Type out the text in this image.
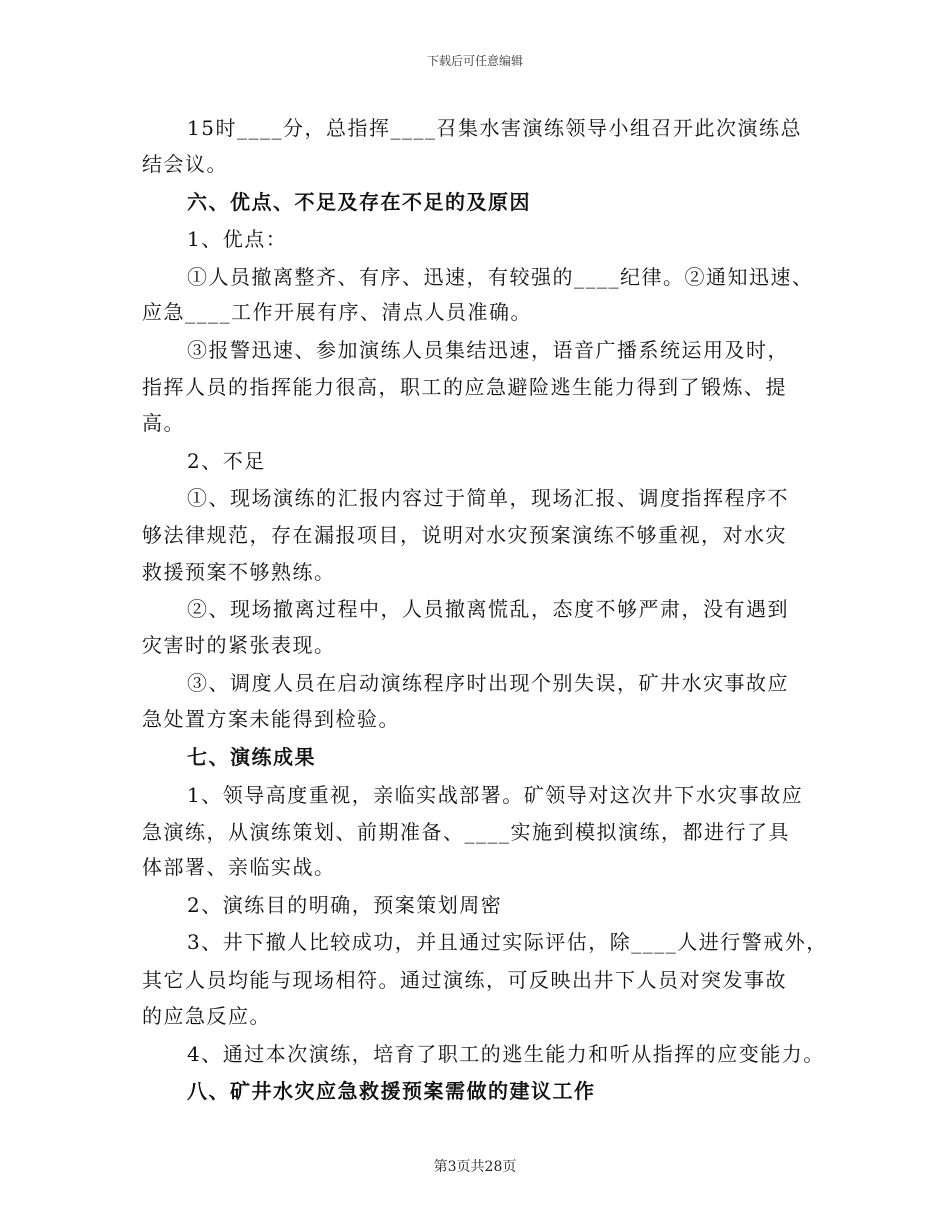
下载后可任意编辑
15时____分，总指挥____召集水害演练领导小组召开此次演练总
结会议。
六、优点、不足及存在不足的及原因
1、优点：
①人员撤离整齐、有序、迅速，有较强的____纪律。②通知迅速、
应急____工作开展有序、清点人员准确。
③报警迅速、参加演练人员集结迅速，语音广播系统运用及时，
指挥人员的指挥能力很高，职工的应急避险逃生能力得到了锻炼、提
高。
2、不足
①、现场演练的汇报内容过于简单，现场汇报、调度指挥程序不
够法律规范，存在漏报项目，说明对水灾预案演练不够重视，对水灾
救援预案不够熟练。
②、现场撤离过程中，人员撤离慌乱，态度不够严肃，没有遇到
灾害时的紧张表现。
③、调度人员在启动演练程序时出现个别失误，矿井水灾事故应
急处置方案未能得到检验。
七、演练成果
1、领导高度重视，亲临实战部署。矿领导对这次井下水灾事故应
急演练，从演练策划、前期准备、____实施到模拟演练，都进行了具
体部署、亲临实战。
2、演练目的明确，预案策划周密
3、井下撤人比较成功，并且通过实际评估，除____人进行警戒外，
其它人员均能与现场相符。通过演练，可反映出井下人员对突发事故
的应急反应。
4、通过本次演练，培育了职工的逃生能力和听从指挥的应变能力。
八、矿井水灾应急救援预案需做的建议工作
第3页共28页
